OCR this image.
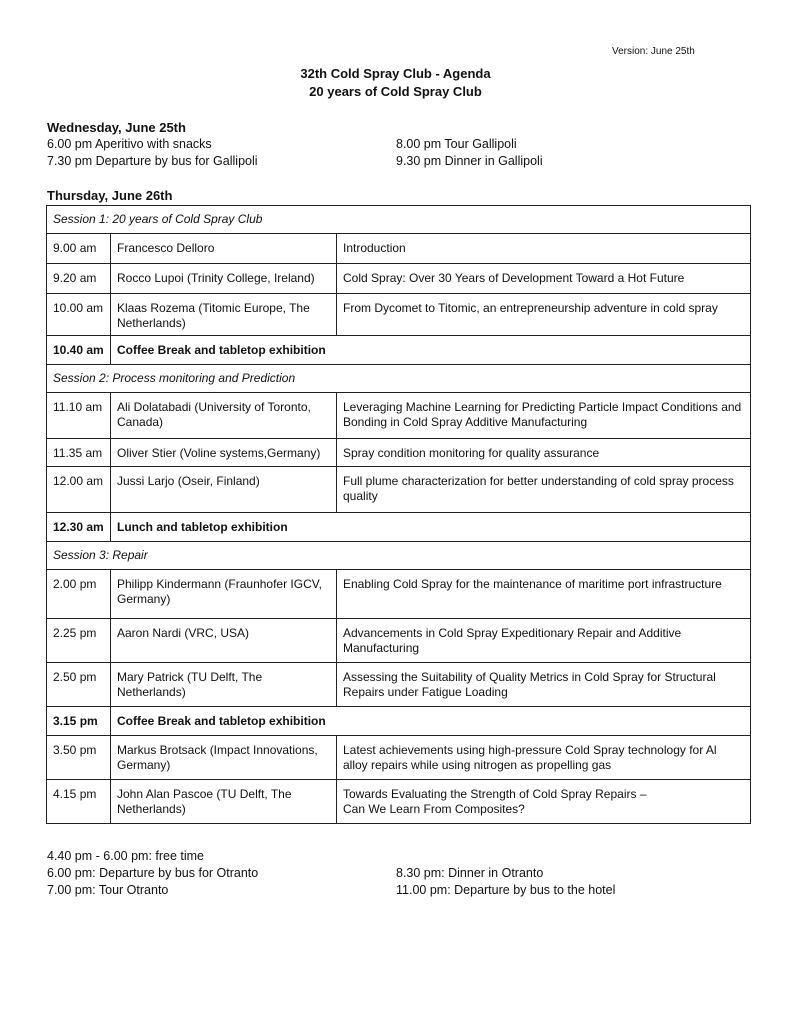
Version: June 25th
32th Cold Spray Club - Agenda
20 years of Cold Spray Club
Wednesday, June 25th
6.00 pm Aperitivo with snacks
7.30 pm Departure by bus for Gallipoli
8.00 pm Tour Gallipoli
9.30 pm Dinner in Gallipoli
Thursday, June 26th
Session 1: 20 years of Cold Spray Club		
9.00 am	Francesco Delloro	Introduction
9.20 am	Rocco Lupoi (Trinity College, Ireland)	Cold Spray: Over 30 Years of Development Toward a Hot Future
10.00 am	Klaas Rozema (Titomic Europe, The Netherlands)	From Dycomet to Titomic, an entrepreneurship adventure in cold spray
10.40 am	Coffee Break and tabletop exhibition	
Session 2: Process monitoring and Prediction		
11.10 am	Ali Dolatabadi (University of Toronto, Canada)	Leveraging Machine Learning for Predicting Particle Impact Conditions and Bonding in Cold Spray Additive Manufacturing
11.35 am	Oliver Stier (Voline systems,Germany)	Spray condition monitoring for quality assurance
12.00 am	Jussi Larjo (Oseir, Finland)	Full plume characterization for better understanding of cold spray process quality
12.30 am	Lunch and tabletop exhibition	
Session 3: Repair		
2.00 pm	Philipp Kindermann (Fraunhofer IGCV, Germany)	Enabling Cold Spray for the maintenance of maritime port infrastructure
2.25 pm	Aaron Nardi (VRC, USA)	Advancements in Cold Spray Expeditionary Repair and Additive Manufacturing
2.50 pm	Mary Patrick (TU Delft, The Netherlands)	Assessing the Suitability of Quality Metrics in Cold Spray for Structural Repairs under Fatigue Loading
3.15 pm	Coffee Break and tabletop exhibition	
3.50 pm	Markus Brotsack (Impact Innovations, Germany)	Latest achievements using high-pressure Cold Spray technology for Al alloy repairs while using nitrogen as propelling gas
4.15 pm	John Alan Pascoe (TU Delft, The Netherlands)	Towards Evaluating the Strength of Cold Spray Repairs –
Can We Learn From Composites?
4.40 pm - 6.00 pm: free time
6.00 pm: Departure by bus for Otranto
7.00 pm: Tour Otranto
8.30 pm: Dinner in Otranto
11.00 pm: Departure by bus to the hotel
